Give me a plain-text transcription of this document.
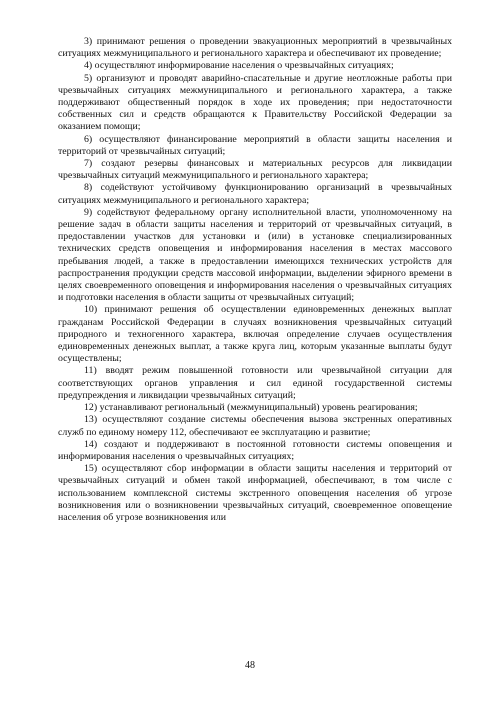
3) принимают решения о проведении эвакуационных мероприятий в чрезвычайных ситуациях межмуниципального и регионального характера и обеспечивают их проведение;

4) осуществляют информирование населения о чрезвычайных ситуациях;

5) организуют и проводят аварийно-спасательные и другие неотложные работы при чрезвычайных ситуациях межмуниципального и регионального характера, а также поддерживают общественный порядок в ходе их проведения; при недостаточности собственных сил и средств обращаются к Правительству Российской Федерации за оказанием помощи;

6) осуществляют финансирование мероприятий в области защиты населения и территорий от чрезвычайных ситуаций;

7) создают резервы финансовых и материальных ресурсов для ликвидации чрезвычайных ситуаций межмуниципального и регионального характера;

8) содействуют устойчивому функционированию организаций в чрезвычайных ситуациях межмуниципального и регионального характера;

9) содействуют федеральному органу исполнительной власти, уполномоченному на решение задач в области защиты населения и территорий от чрезвычайных ситуаций, в предоставлении участков для установки и (или) в установке специализированных технических средств оповещения и информирования населения в местах массового пребывания людей, а также в предоставлении имеющихся технических устройств для распространения продукции средств массовой информации, выделении эфирного времени в целях своевременного оповещения и информирования населения о чрезвычайных ситуациях и подготовки населения в области защиты от чрезвычайных ситуаций;

10) принимают решения об осуществлении единовременных денежных выплат гражданам Российской Федерации в случаях возникновения чрезвычайных ситуаций природного и техногенного характера, включая определение случаев осуществления единовременных денежных выплат, а также круга лиц, которым указанные выплаты будут осуществлены;

11) вводят режим повышенной готовности или чрезвычайной ситуации для соответствующих органов управления и сил единой государственной системы предупреждения и ликвидации чрезвычайных ситуаций;

12) устанавливают региональный (межмуниципальный) уровень реагирования;

13) осуществляют создание системы обеспечения вызова экстренных оперативных служб по единому номеру 112, обеспечивают ее эксплуатацию и развитие;

14) создают и поддерживают в постоянной готовности системы оповещения и информирования населения о чрезвычайных ситуациях;

15) осуществляют сбор информации в области защиты населения и территорий от чрезвычайных ситуаций и обмен такой информацией, обеспечивают, в том числе с использованием комплексной системы экстренного оповещения населения об угрозе возникновения или о возникновении чрезвычайных ситуаций, своевременное оповещение населения об угрозе возникновения или

48
